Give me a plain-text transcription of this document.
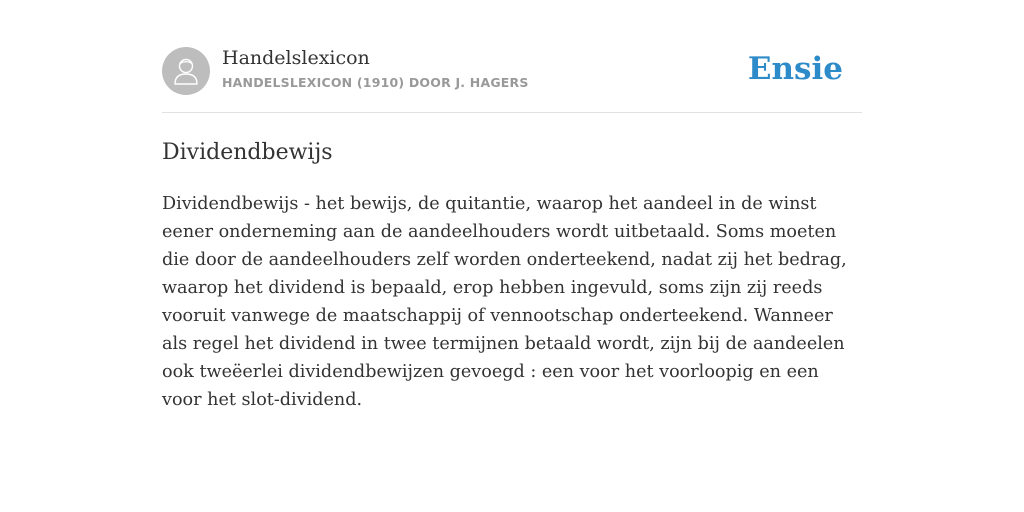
Handelslexicon
HANDELSLEXICON (1910) DOOR J. HAGERS	Ensie
Dividendbewijs

Dividendbewijs - het bewijs, de quitantie, waarop het aandeel in de winst eener onderneming aan de aandeelhouders wordt uitbetaald. Soms moeten die door de aandeelhouders zelf worden onderteekend, nadat zij het bedrag, waarop het dividend is bepaald, erop hebben ingevuld, soms zijn zij reeds vooruit vanwege de maatschappij of vennootschap onderteekend. Wanneer als regel het dividend in twee termijnen betaald wordt, zijn bij de aandeelen ook tweëerlei dividendbewijzen gevoegd : een voor het voorloopig en een voor het slot-dividend.
